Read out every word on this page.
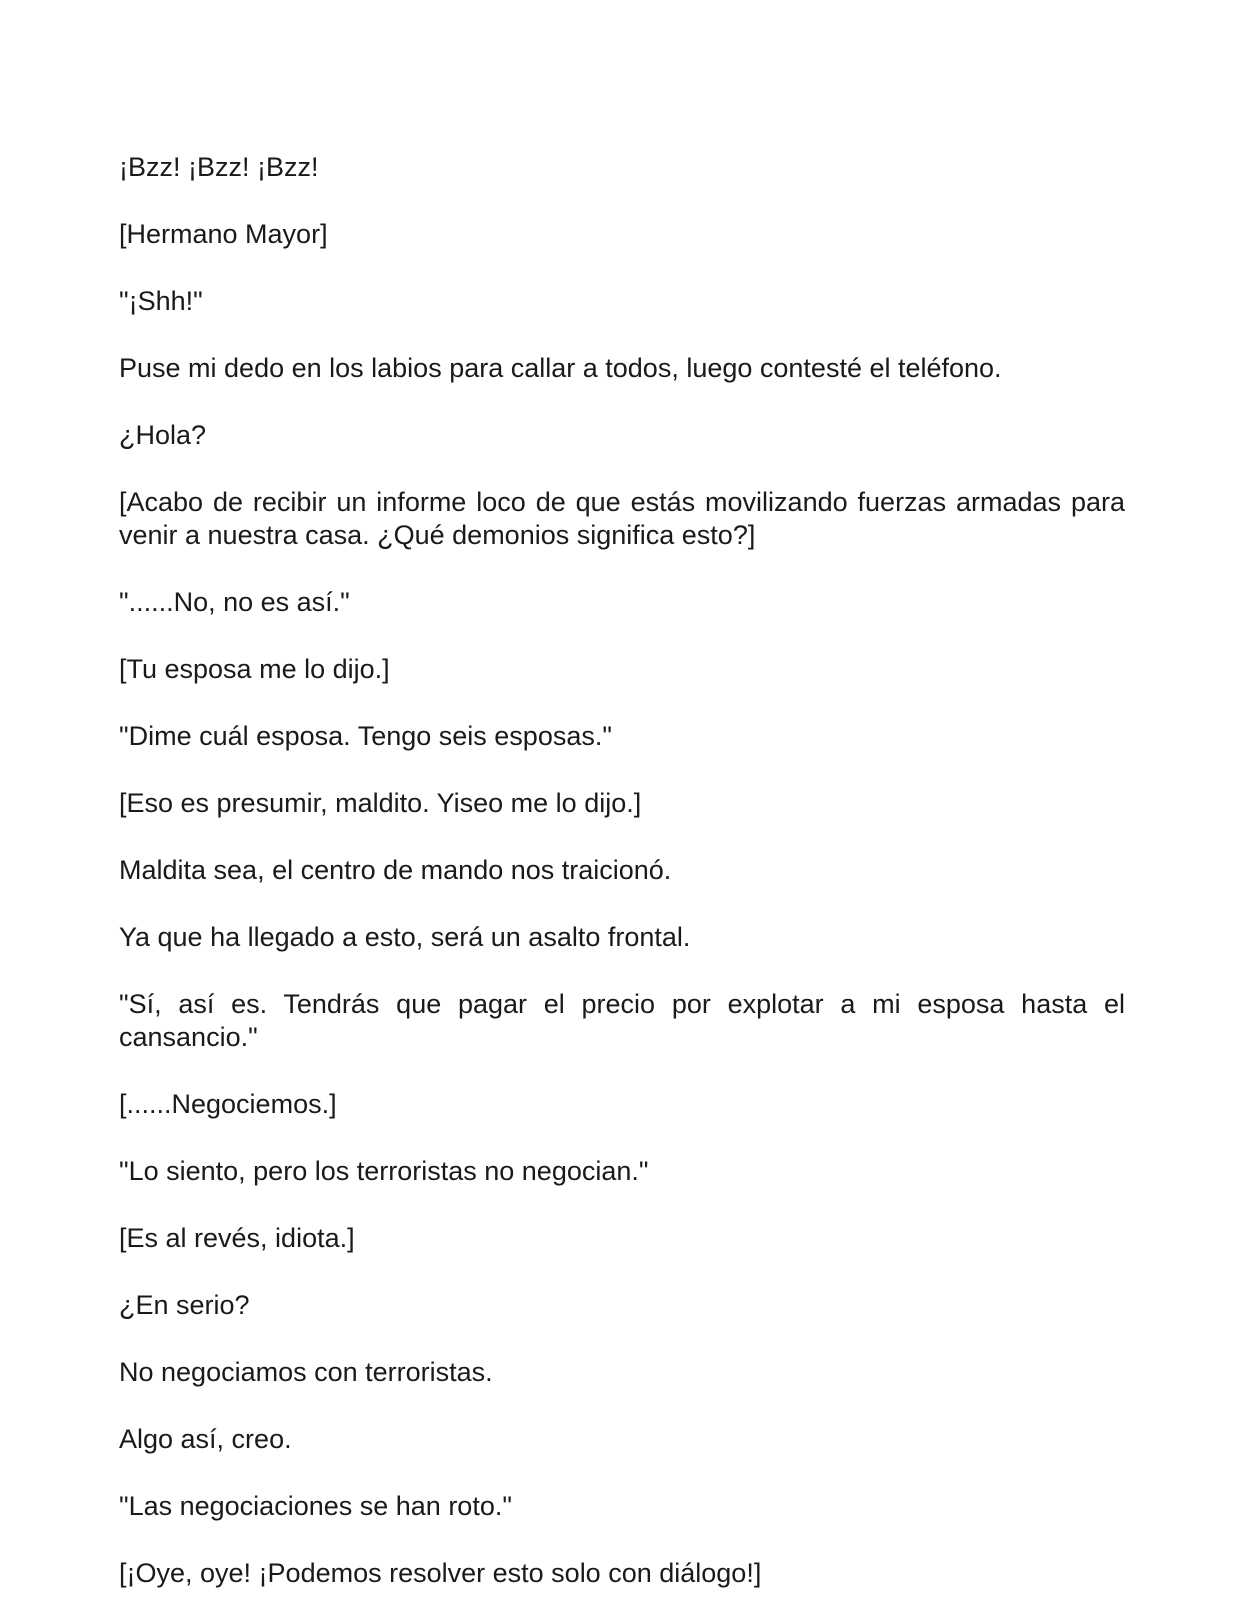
¡Bzz! ¡Bzz! ¡Bzz!

[Hermano Mayor]

"¡Shh!"

Puse mi dedo en los labios para callar a todos, luego contesté el teléfono.

¿Hola?

[Acabo de recibir un informe loco de que estás movilizando fuerzas armadas para venir a nuestra casa. ¿Qué demonios significa esto?]

"......No, no es así."

[Tu esposa me lo dijo.]

"Dime cuál esposa. Tengo seis esposas."

[Eso es presumir, maldito. Yiseo me lo dijo.]

Maldita sea, el centro de mando nos traicionó.

Ya que ha llegado a esto, será un asalto frontal.

"Sí, así es. Tendrás que pagar el precio por explotar a mi esposa hasta el cansancio."

[......Negociemos.]

"Lo siento, pero los terroristas no negocian."

[Es al revés, idiota.]

¿En serio?

No negociamos con terroristas.

Algo así, creo.

"Las negociaciones se han roto."

[¡Oye, oye! ¡Podemos resolver esto solo con diálogo!]
